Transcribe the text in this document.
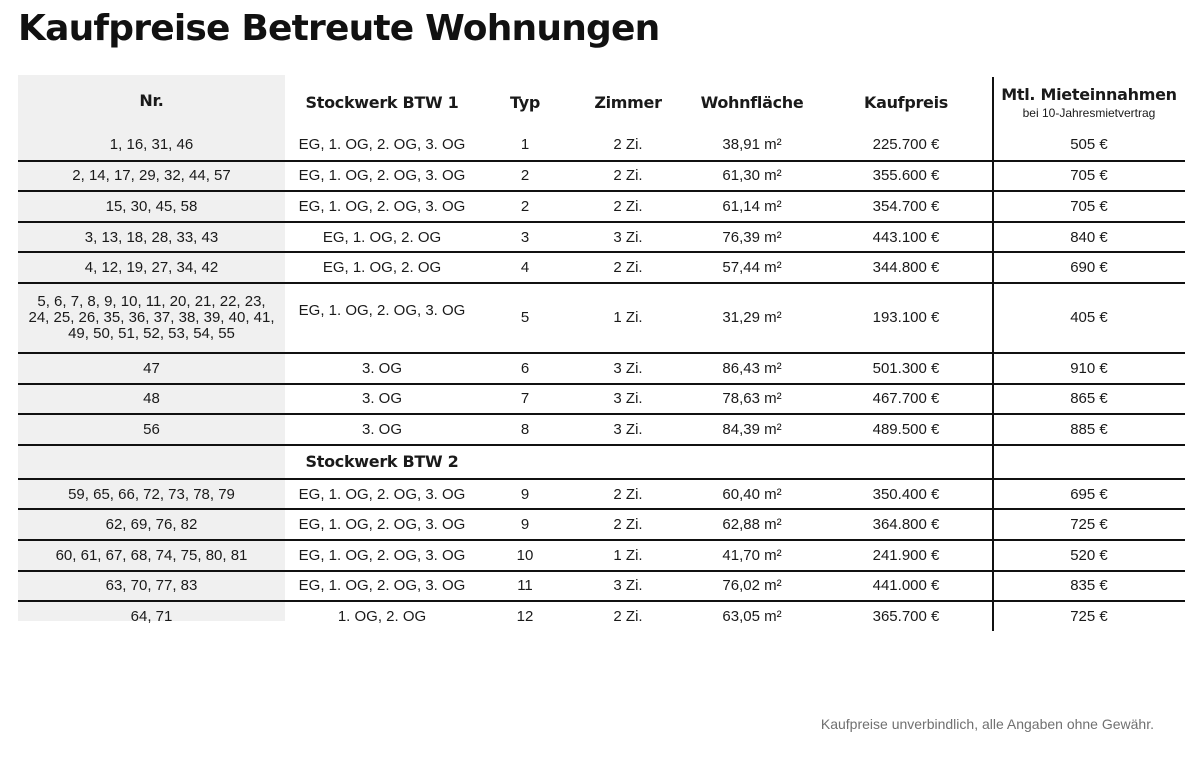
Kaufpreise Betreute Wohnungen
Nr.	Stockwerk BTW 1	Typ	Zimmer	Wohnfläche	Kaufpreis	Mtl. Mieteinnahmen
bei 10-Jahresmietvertrag

1, 16, 31, 46	EG, 1. OG, 2. OG, 3. OG	1	2 Zi.	38,91 m²	225.700 €	505 €
2, 14, 17, 29, 32, 44, 57	EG, 1. OG, 2. OG, 3. OG	2	2 Zi.	61,30 m²	355.600 €	705 €
15, 30, 45, 58	EG, 1. OG, 2. OG, 3. OG	2	2 Zi.	61,14 m²	354.700 €	705 €
3, 13, 18, 28, 33, 43	EG, 1. OG, 2. OG	3	3 Zi.	76,39 m²	443.100 €	840 €
4, 12, 19, 27, 34, 42	EG, 1. OG, 2. OG	4	2 Zi.	57,44 m²	344.800 €	690 €
5, 6, 7, 8, 9, 10, 11, 20, 21, 22, 23, 24, 25, 26, 35, 36, 37, 38, 39, 40, 41, 49, 50, 51, 52, 53, 54, 55	EG, 1. OG, 2. OG, 3. OG	5	1 Zi.	31,29 m²	193.100 €	405 €
47	3. OG	6	3 Zi.	86,43 m²	501.300 €	910 €
48	3. OG	7	3 Zi.	78,63 m²	467.700 €	865 €
56	3. OG	8	3 Zi.	84,39 m²	489.500 €	885 €
	Stockwerk BTW 2					
59, 65, 66, 72, 73, 78, 79	EG, 1. OG, 2. OG, 3. OG	9	2 Zi.	60,40 m²	350.400 €	695 €
62, 69, 76, 82	EG, 1. OG, 2. OG, 3. OG	9	2 Zi.	62,88 m²	364.800 €	725 €
60, 61, 67, 68, 74, 75, 80, 81	EG, 1. OG, 2. OG, 3. OG	10	1 Zi.	41,70 m²	241.900 €	520 €
63, 70, 77, 83	EG, 1. OG, 2. OG, 3. OG	11	3 Zi.	76,02 m²	441.000 €	835 €
64, 71	1. OG, 2. OG	12	2 Zi.	63,05 m²	365.700 €	725 €
Kaufpreise unverbindlich, alle Angaben ohne Gewähr.
